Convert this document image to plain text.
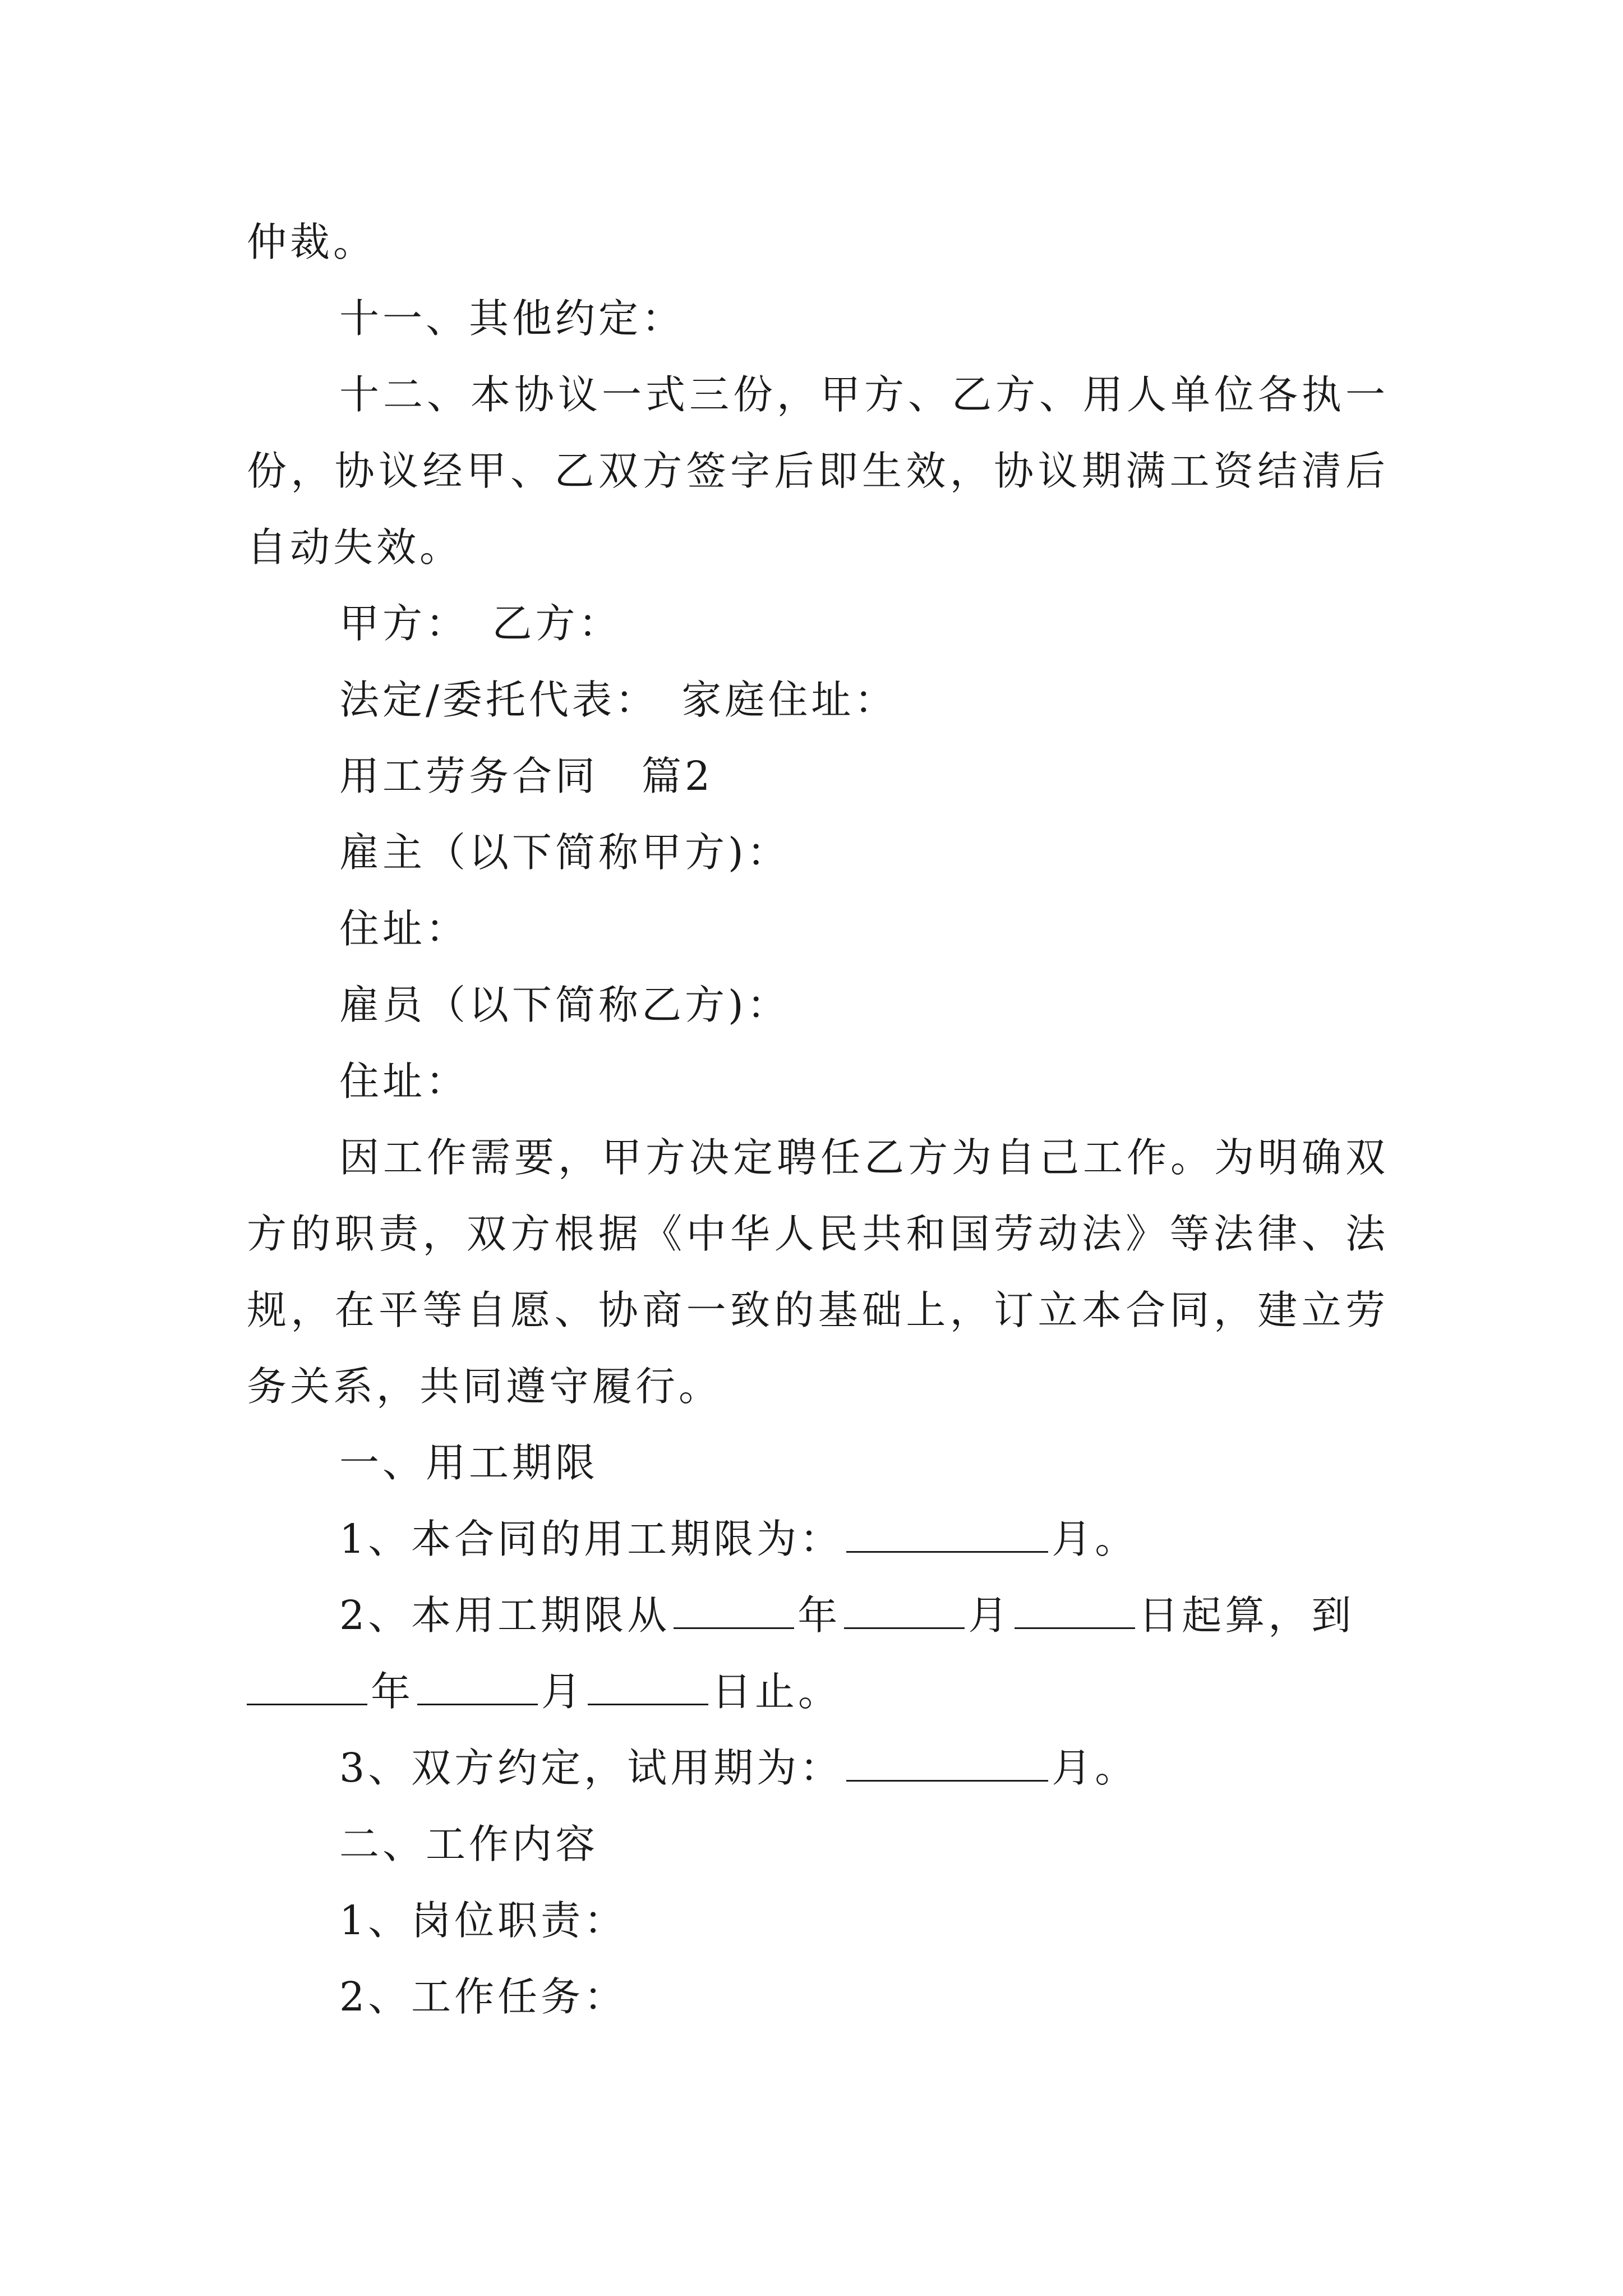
仲裁。
十一、其他约定：
十二、本协议一式三份，甲方、乙方、用人单位各执一
份，协议经甲、乙双方签字后即生效，协议期满工资结清后
自动失效。
甲方：　乙方：
法定/委托代表：　家庭住址：
用工劳务合同　篇2
雇主（以下简称甲方)：
住址：
雇员（以下简称乙方)：
住址：
因工作需要，甲方决定聘任乙方为自己工作。为明确双
方的职责，双方根据《中华人民共和国劳动法》等法律、法
规，在平等自愿、协商一致的基础上，订立本合同，建立劳
务关系，共同遵守履行。
一、用工期限
1、本合同的用工期限为：	月。
2、本用工期限从	年	月	日起算，到
年	月	日止。
3、双方约定，试用期为：	月。
二、工作内容
1、岗位职责：
2、工作任务：
